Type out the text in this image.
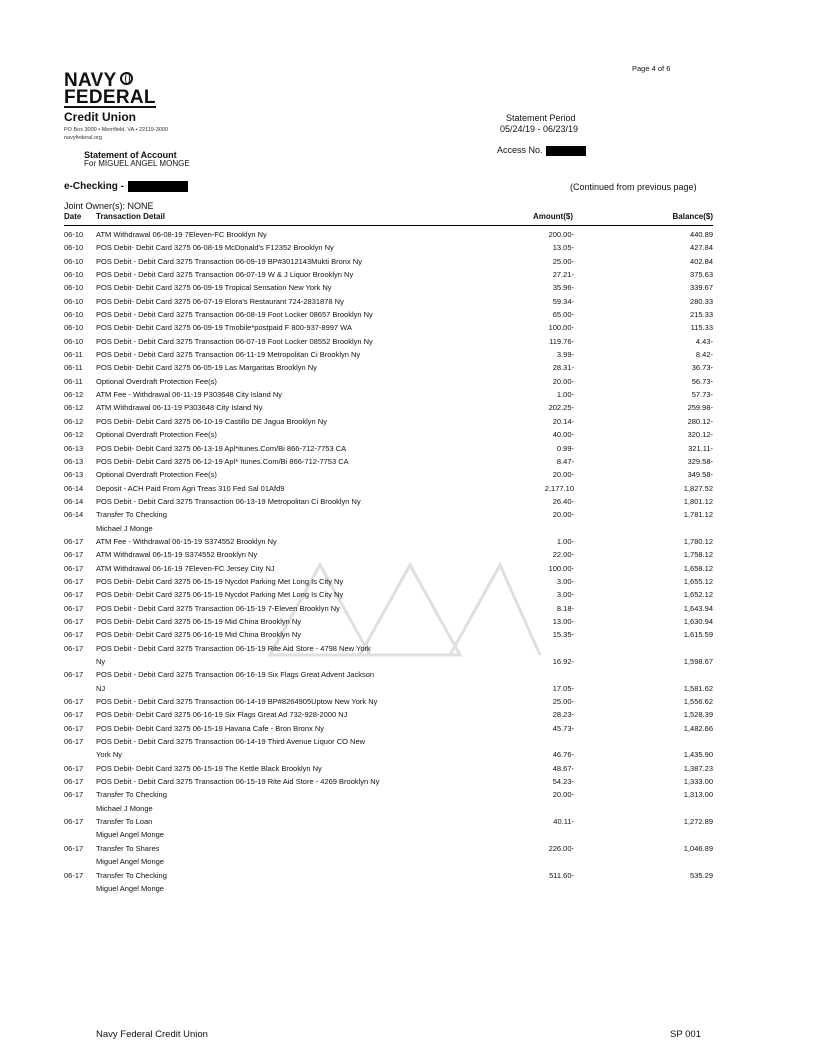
Page 4 of 6
NAVY
FEDERAL
Credit Union
PO Box 3000 • Merrifield, VA • 22119-3000
navyfederal.org
Statement of Account
For MIGUEL ANGEL MONGE
Statement Period
05/24/19 - 06/23/19
Access No.
e-Checking -	(Continued from previous page)
Joint Owner(s): NONE
Date Transaction Detail	Amount($)	Balance($)
06-10 ATM Withdrawal 06-08-19 7Eleven-FC Brooklyn Ny	200.00-	440.89
06-10 POS Debit- Debit Card 3275 06-08-19 McDonald's F12352 Brooklyn Ny	13.05-	427.84
06-10 POS Debit - Debit Card 3275 Transaction 06-09-19 BP#3012143Mukti Bronx Ny	25.00-	402.84
06-10 POS Debit - Debit Card 3275 Transaction 06-07-19 W & J Liquor Brooklyn Ny	27.21-	375.63
06-10 POS Debit- Debit Card 3275 06-09-19 Tropical Sensation New York Ny	35.96-	339.67
06-10 POS Debit- Debit Card 3275 06-07-19 Elora's Restaurant 724-2831878 Ny	59.34-	280.33
06-10 POS Debit - Debit Card 3275 Transaction 06-08-19 Foot Locker 08657 Brooklyn Ny	65.00-	215.33
06-10 POS Debit- Debit Card 3275 06-09-19 Tmobile*postpaid F 800-937-8997 WA	100.00-	115.33
06-10 POS Debit - Debit Card 3275 Transaction 06-07-19 Foot Locker 08552 Brooklyn Ny	119.76-	4.43-
06-11 POS Debit - Debit Card 3275 Transaction 06-11-19 Metropolitan Ci Brooklyn Ny	3.99-	8.42-
06-11 POS Debit- Debit Card 3275 06-05-19 Las Margaritas Brooklyn Ny	28.31-	36.73-
06-11 Optional Overdraft Protection Fee(s)	20.00-	56.73-
06-12 ATM Fee - Withdrawal 06-11-19 P303648 City Island Ny	1.00-	57.73-
06-12 ATM Withdrawal 06-11-19 P303648 City Island Ny	202.25-	259.98-
06-12 POS Debit- Debit Card 3275 06-10-19 Castillo DE Jagua Brooklyn Ny	20.14-	280.12-
06-12 Optional Overdraft Protection Fee(s)	40.00-	320.12-
06-13 POS Debit- Debit Card 3275 06-13-19 Apl*itunes.Com/Bi 866-712-7753 CA	0.99-	321.11-
06-13 POS Debit- Debit Card 3275 06-12-19 Apl* Itunes.Com/Bi 866-712-7753 CA	8.47-	329.58-
06-13 Optional Overdraft Protection Fee(s)	20.00-	349.58-
06-14 Deposit - ACH Paid From Agri Treas 310 Fed Sal 01Afd9	2,177.10	1,827.52
06-14 POS Debit - Debit Card 3275 Transaction 06-13-19 Metropolitan Ci Brooklyn Ny	26.40-	1,801.12
06-14 Transfer To Checking	20.00-	1,781.12
Michael J Monge
06-17 ATM Fee - Withdrawal 06-15-19 S374552 Brooklyn Ny	1.00-	1,780.12
06-17 ATM Withdrawal 06-15-19 S374552 Brooklyn Ny	22.00-	1,758.12
06-17 ATM Withdrawal 06-16-19 7Eleven-FC Jersey City NJ	100.00-	1,658.12
06-17 POS Debit- Debit Card 3275 06-15-19 Nycdot Parking Met Long Is City Ny	3.00-	1,655.12
06-17 POS Debit- Debit Card 3275 06-15-19 Nycdot Parking Met Long Is City Ny	3.00-	1,652.12
06-17 POS Debit - Debit Card 3275 Transaction 06-15-19 7-Eleven Brooklyn Ny	8.18-	1,643.94
06-17 POS Debit- Debit Card 3275 06-15-19 Mid China Brooklyn Ny	13.00-	1,630.94
06-17 POS Debit- Debit Card 3275 06-16-19 Mid China Brooklyn Ny	15.35-	1,615.59
06-17 POS Debit - Debit Card 3275 Transaction 06-15-19 Rite Aid Store - 4798 New York
Ny	16.92-	1,598.67
06-17 POS Debit - Debit Card 3275 Transaction 06-16-19 Six Flags Great Advent Jackson
NJ	17.05-	1,581.62
06-17 POS Debit - Debit Card 3275 Transaction 06-14-19 BP#8264905Uptow New York Ny	25.00-	1,556.62
06-17 POS Debit- Debit Card 3275 06-16-19 Six Flags Great Ad 732-928-2000 NJ	28.23-	1,528.39
06-17 POS Debit- Debit Card 3275 06-15-19 Havana Cafe - Bron Bronx Ny	45.73-	1,482.66
06-17 POS Debit - Debit Card 3275 Transaction 06-14-19 Third Avenue Liquor CO New
York Ny	46.76-	1,435.90
06-17 POS Debit- Debit Card 3275 06-15-19 The Kettle Black Brooklyn Ny	48.67-	1,387.23
06-17 POS Debit - Debit Card 3275 Transaction 06-15-19 Rite Aid Store - 4269 Brooklyn Ny	54.23-	1,333.00
06-17 Transfer To Checking	20.00-	1,313.00
Michael J Monge
06-17 Transfer To Loan	40.11-	1,272.89
Miguel Angel Monge
06-17 Transfer To Shares	226.00-	1,046.89
Miguel Angel Monge
06-17 Transfer To Checking	511.60-	535.29
Miguel Angel Monge
Navy Federal Credit Union	SP 001
